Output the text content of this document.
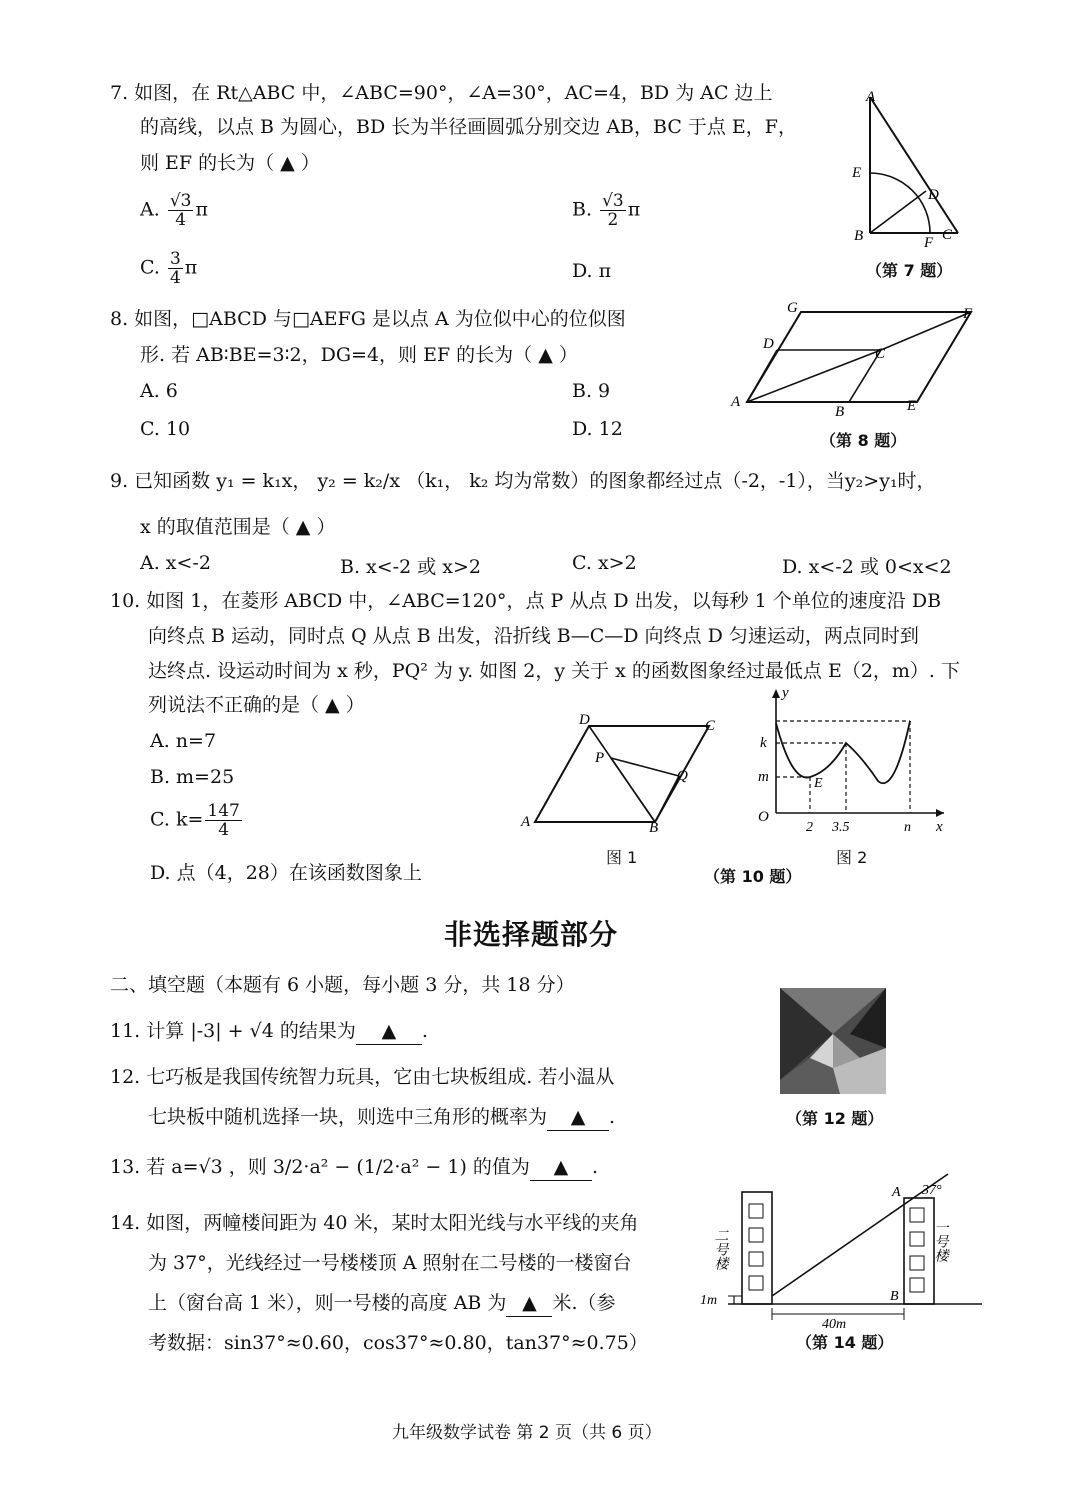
7. 如图，在 Rt△ABC 中，∠ABC=90°，∠A=30°，AC=4，BD 为 AC 边上
的高线，以点 B 为圆心，BD 长为半径画圆弧分别交边 AB，BC 于点 E，F，
则 EF 的长为（ ▲ ）
A. $\frac{√3}{4}$ π	B. $\frac{√3}{2}$ π
C. $\frac{3}{4}$ π	D. π
A
E
D
B	F C
（第 7 题）
8. 如图，□ABCD 与□AEFG 是以点 A 为位似中心的位似图
形. 若 AB∶BE=3∶2，DG=4，则 EF 的长为（ ▲ ）
A. 6	B. 9
C. 10	D. 12
G	F
D
C
A
B	E
（第 8 题）
9. 已知函数 y₁ = k₁x， y₂ = k₂/x （k₁， k₂ 均为常数）的图象都经过点（-2，-1），当y₂>y₁时，
x 的取值范围是（ ▲ ）
A. x<-2	B. x<-2 或 x>2	C. x>2	D. x<-2 或 0<x<2
10. 如图 1，在菱形 ABCD 中，∠ABC=120°，点 P 从点 D 出发，以每秒 1 个单位的速度沿 DB
向终点 B 运动，同时点 Q 从点 B 出发，沿折线 B—C—D 向终点 D 匀速运动，两点同时到
达终点. 设运动时间为 x 秒，PQ² 为 y. 如图 2，y 关于 x 的函数图象经过最低点 E（2，m）. 下
列说法不正确的是（ ▲ ）
A. n=7
B. m=25
C. $k= \frac{147}{4}$
D. 点（4，28）在该函数图象上
D	C
P
Q
A	B
图 1
y
k
m	E
O
2 3.5	n x
图 2
（第 10 题）
非选择题部分
二、填空题（本题有 6 小题，每小题 3 分，共 18 分）
11. 计算 |-3| + √4 的结果为 ▲ .
12. 七巧板是我国传统智力玩具，它由七块板组成. 若小温从
七块板中随机选择一块，则选中三角形的概率为 ▲ .	（第 12 题）
13. 若 a=√3 ，则 3/2·a² − (1/2·a² − 1) 的值为 ▲ .
14. 如图，两幢楼间距为 40 米，某时太阳光线与水平线的夹角
为 37°，光线经过一号楼楼顶 A 照射在二号楼的一楼窗台
上（窗台高 1 米），则一号楼的高度 AB 为 ▲ 米.（参
考数据：sin37°≈0.60，cos37°≈0.80，tan37°≈0.75）
二号楼	一号楼
A 37°
B
1m
40m
（第 14 题）
九年级数学试卷 第 2 页（共 6 页）
